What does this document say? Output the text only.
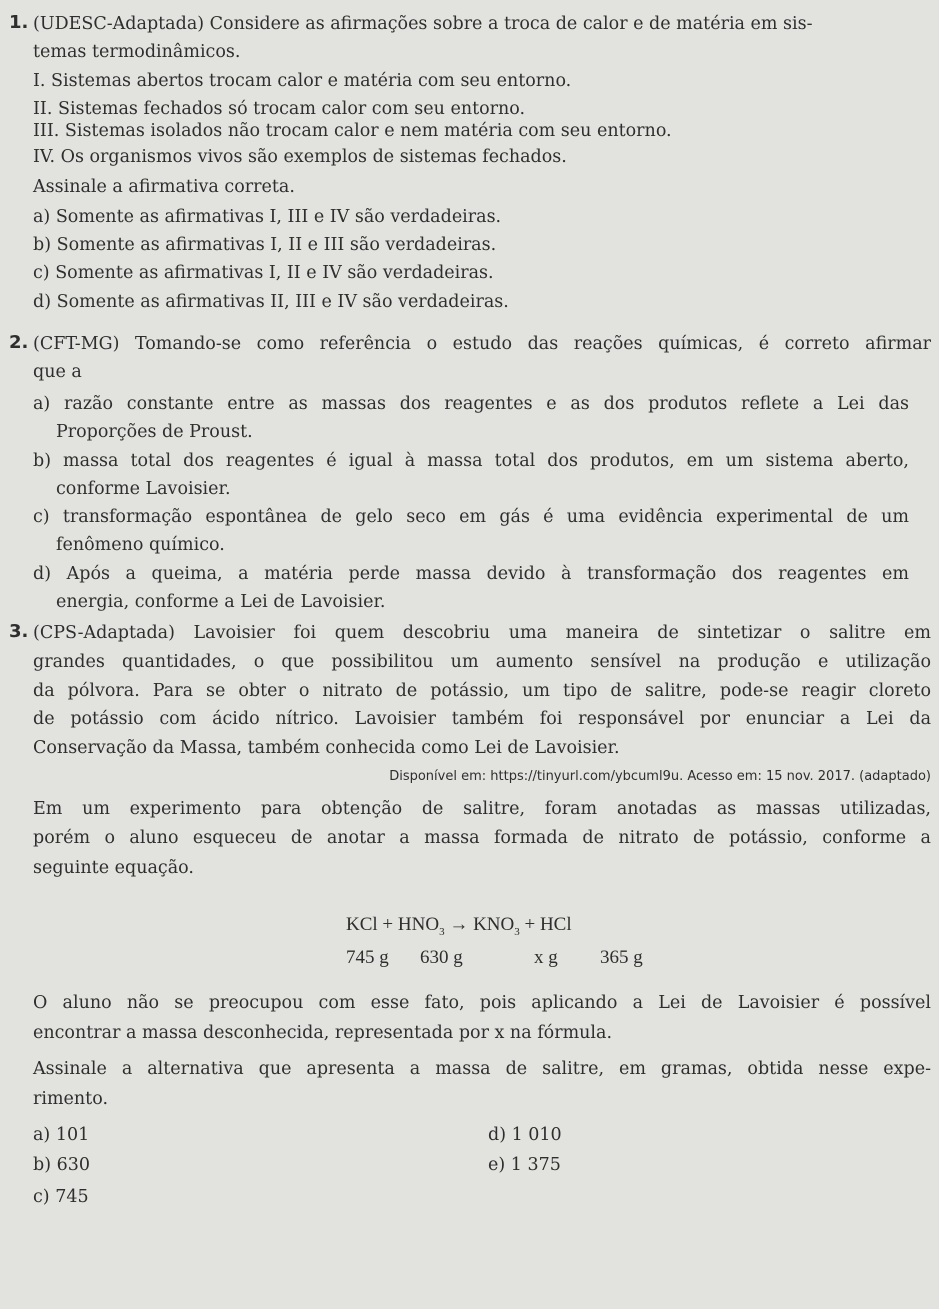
1. (UDESC-Adaptada) Considere as afirmações sobre a troca de calor e de matéria em sis-
temas termodinâmicos.
I. Sistemas abertos trocam calor e matéria com seu entorno.
II. Sistemas fechados só trocam calor com seu entorno.
III. Sistemas isolados não trocam calor e nem matéria com seu entorno.
IV. Os organismos vivos são exemplos de sistemas fechados.
Assinale a afirmativa correta.
a) Somente as afirmativas I, III e IV são verdadeiras.
b) Somente as afirmativas I, II e III são verdadeiras.
c) Somente as afirmativas I, II e IV são verdadeiras.
d) Somente as afirmativas II, III e IV são verdadeiras.
2. (CFT-MG) Tomando-se como referência o estudo das reações químicas, é correto afirmar
que a
a) razão constante entre as massas dos reagentes e as dos produtos reflete a Lei das
Proporções de Proust.
b) massa total dos reagentes é igual à massa total dos produtos, em um sistema aberto,
conforme Lavoisier.
c) transformação espontânea de gelo seco em gás é uma evidência experimental de um
fenômeno químico.
d) Após a queima, a matéria perde massa devido à transformação dos reagentes em
energia, conforme a Lei de Lavoisier.
3. (CPS-Adaptada) Lavoisier foi quem descobriu uma maneira de sintetizar o salitre em
grandes quantidades, o que possibilitou um aumento sensível na produção e utilização
da pólvora. Para se obter o nitrato de potássio, um tipo de salitre, pode-se reagir cloreto
de potássio com ácido nítrico. Lavoisier também foi responsável por enunciar a Lei da
Conservação da Massa, também conhecida como Lei de Lavoisier.
Disponível em: https://tinyurl.com/ybcuml9u. Acesso em: 15 nov. 2017. (adaptado)
Em um experimento para obtenção de salitre, foram anotadas as massas utilizadas,
porém o aluno esqueceu de anotar a massa formada de nitrato de potássio, conforme a
seguinte equação.
KCl + $HNO_3 \to KNO_3$ + HCl
745 g 630 g	x g 365 g
O aluno não se preocupou com esse fato, pois aplicando a Lei de Lavoisier é possível
encontrar a massa desconhecida, representada por x na fórmula.
Assinale a alternativa que apresenta a massa de salitre, em gramas, obtida nesse expe-
rimento.
a) 101
b) 630
c) 745
d) 1 010
e) 1 375
